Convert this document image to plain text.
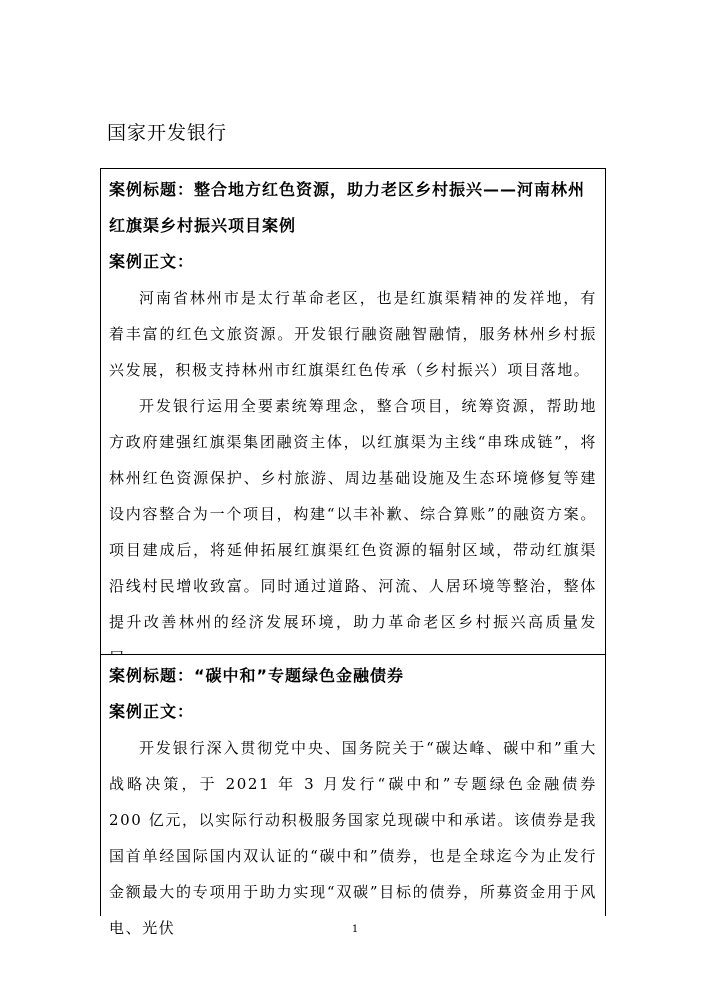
国家开发银行
案例标题：整合地方红色资源，助力老区乡村振兴——河南林州红旗渠乡村振兴项目案例
案例正文：

河南省林州市是太行革命老区，也是红旗渠精神的发祥地，有着丰富的红色文旅资源。开发银行融资融智融情，服务林州乡村振兴发展，积极支持林州市红旗渠红色传承（乡村振兴）项目落地。

开发银行运用全要素统筹理念，整合项目，统筹资源，帮助地方政府建强红旗渠集团融资主体，以红旗渠为主线“串珠成链”，将林州红色资源保护、乡村旅游、周边基础设施及生态环境修复等建设内容整合为一个项目，构建“以丰补歉、综合算账”的融资方案。项目建成后，将延伸拓展红旗渠红色资源的辐射区域，带动红旗渠沿线村民增收致富。同时通过道路、河流、人居环境等整治，整体提升改善林州的经济发展环境，助力革命老区乡村振兴高质量发

案例标题：“碳中和”专题绿色金融债券
案例正文：

开发银行深入贯彻党中央、国务院关于“碳达峰、碳中和”重大战略决策，于 2021 年 3 月发行“碳中和”专题绿色金融债券 200 亿元，以实际行动积极服务国家兑现碳中和承诺。该债券是我国首单经国际国内双认证的“碳中和”债券，也是全球迄今为止发行金额最大的专项用于助力实现“双碳”目标的债券，所募资金用于风电、光伏	1
